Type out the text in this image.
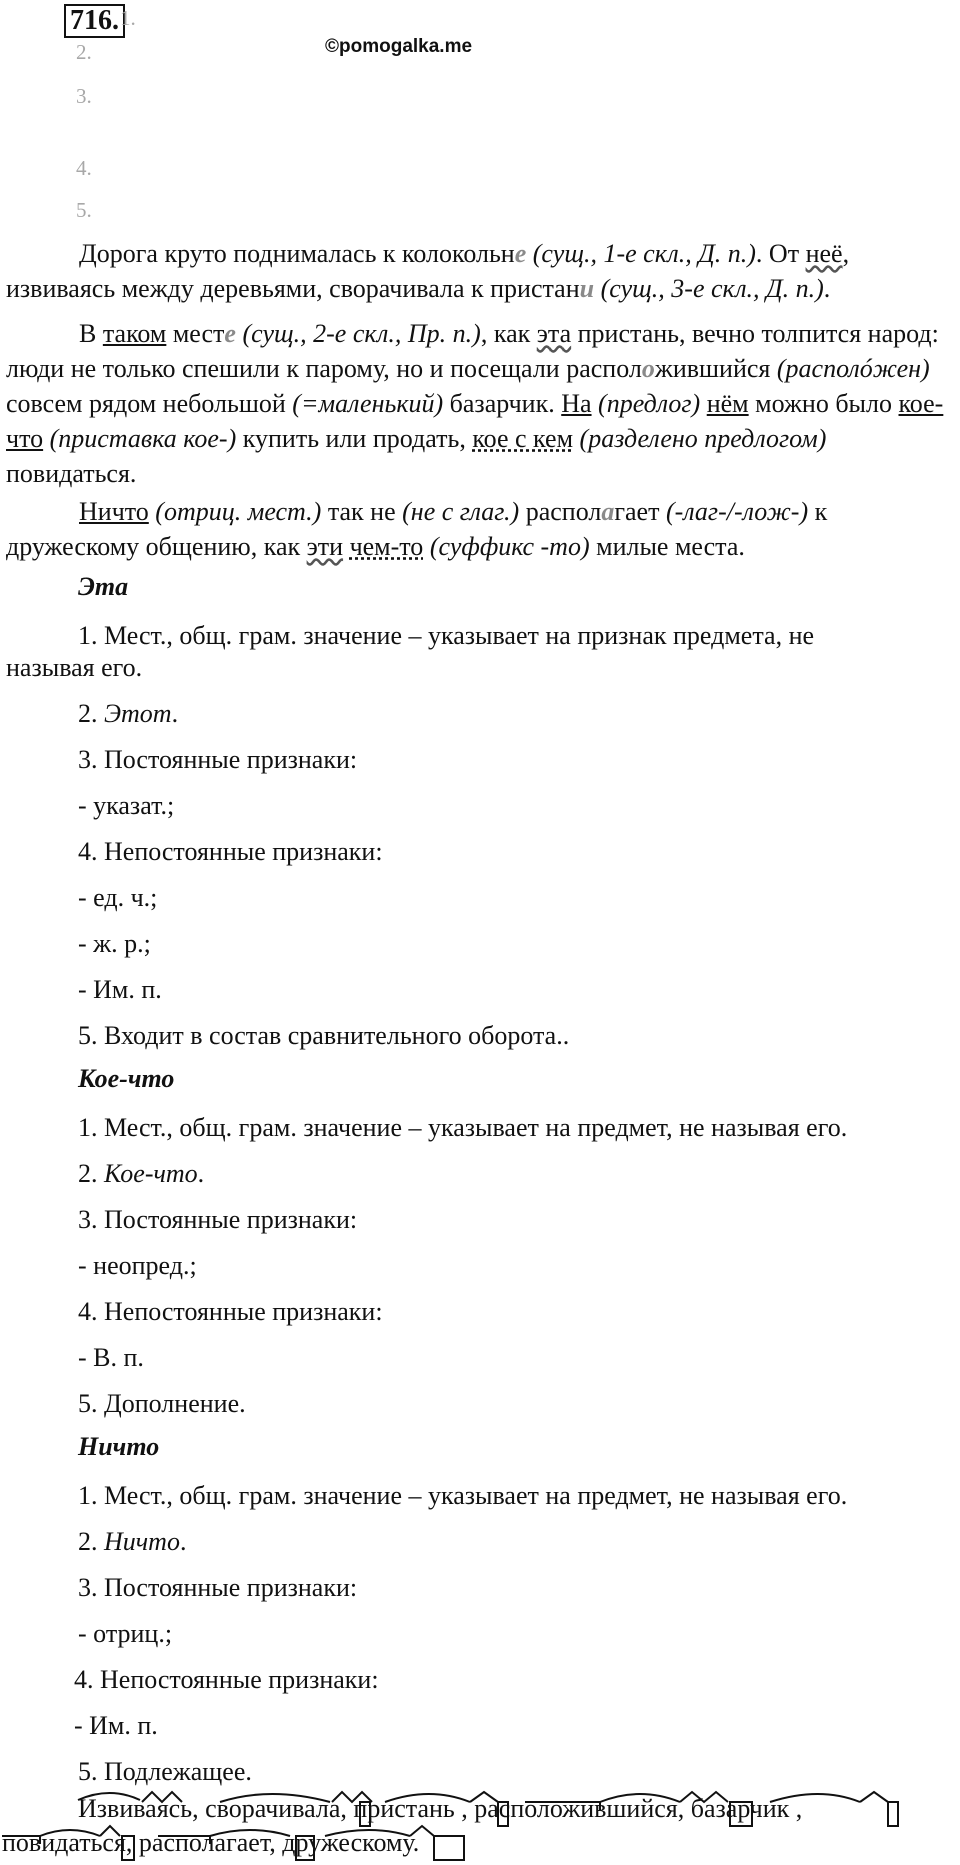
716.
©pomogalka.me
1.
2.
3.
4.
5.

Дорога круто поднималась к колокольне (сущ., 1-е скл., Д. п.). От неё, извиваясь между деревьями, сворачивала к пристани (сущ., 3-е скл., Д. п.).

В таком месте (сущ., 2-е скл., Пр. п.), как эта пристань, вечно толпится народ: люди не только спешили к парому, но и посещали расположившийся (располóжен) совсем рядом небольшой (=маленький) базарчик. На (предлог) нём можно было кое-что (приставка кое-) купить или продать, кое с кем (разделено предлогом) повидаться.

Ничто (отриц. мест.) так не (не с глаг.) располагает (-лаг-/-лож-) к дружескому общению, как эти чем-то (суффикс -то) милые места.

Эта

1. Мест., общ. грам. значение – указывает на признак предмета, не

называя его.

2. Этот.

3. Постоянные признаки:

- указат.;

4. Непостоянные признаки:

- ед. ч.;

- ж. р.;

- Им. п.

5. Входит в состав сравнительного оборота..

Кое-что

1. Мест., общ. грам. значение – указывает на предмет, не называя его.

2. Кое-что.

3. Постоянные признаки:

- неопред.;

4. Непостоянные признаки:

- В. п.

5. Дополнение.

Ничто

1. Мест., общ. грам. значение – указывает на предмет, не называя его.

2. Ничто.

3. Постоянные признаки:

- отриц.;

4. Непостоянные признаки:

- Им. п.

5. Подлежащее.

Извиваясь, сворачивала, пристань , расположившийся, базарчик ,
повидаться, располагает, дружескому.
